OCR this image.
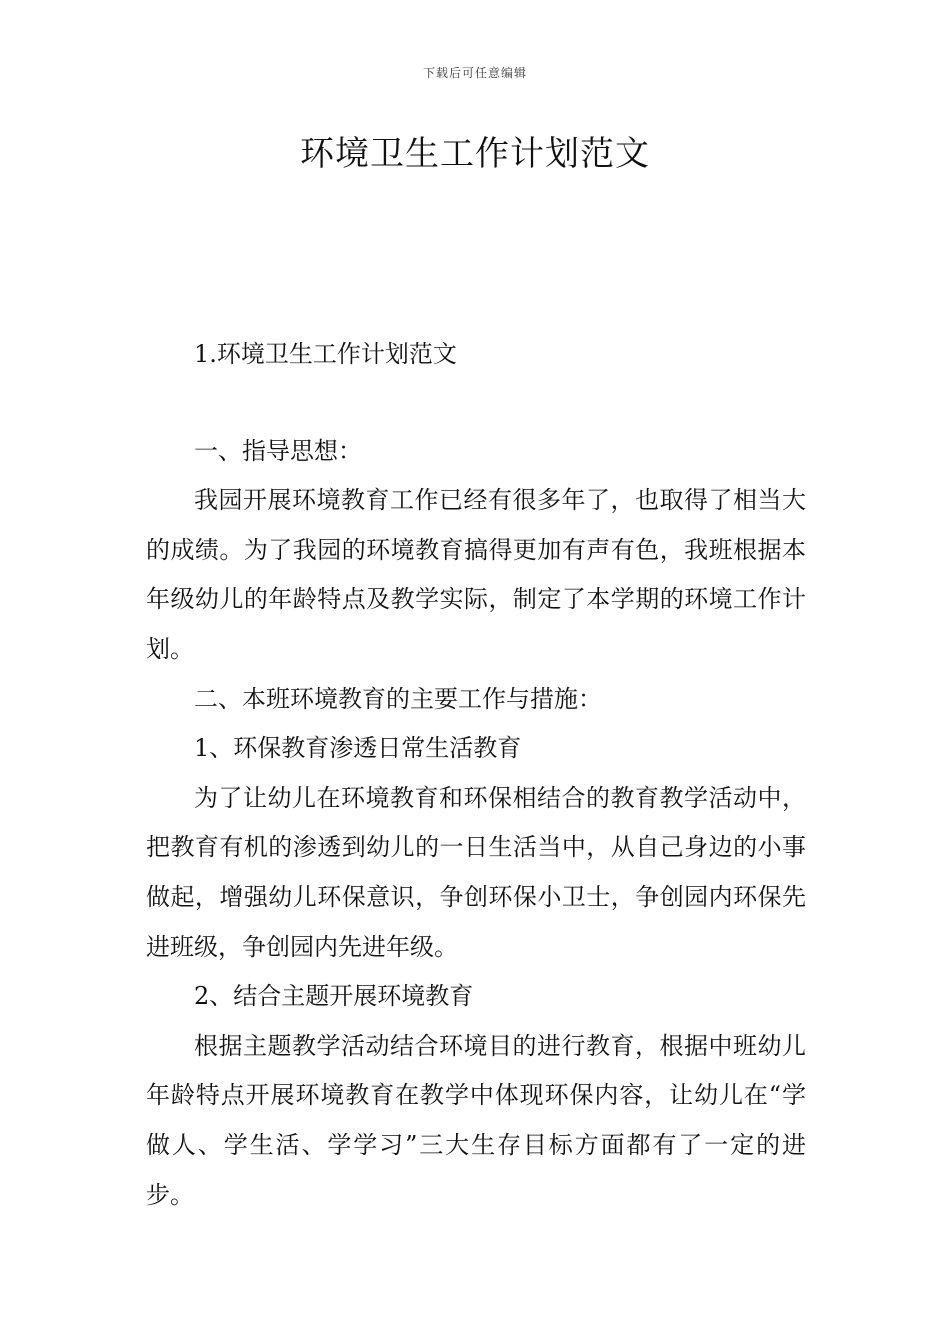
下载后可任意编辑
环境卫生工作计划范文

1.环境卫生工作计划范文

一、指导思想：

我园开展环境教育工作已经有很多年了，也取得了相当大的成绩。为了我园的环境教育搞得更加有声有色，我班根据本年级幼儿的年龄特点及教学实际，制定了本学期的环境工作计划。

二、本班环境教育的主要工作与措施：

1、环保教育渗透日常生活教育

为了让幼儿在环境教育和环保相结合的教育教学活动中，把教育有机的渗透到幼儿的一日生活当中，从自己身边的小事做起，增强幼儿环保意识，争创环保小卫士，争创园内环保先进班级，争创园内先进年级。

2、结合主题开展环境教育

根据主题教学活动结合环境目的进行教育，根据中班幼儿年龄特点开展环境教育在教学中体现环保内容，让幼儿在“学做人、学生活、学学习”三大生存目标方面都有了一定的进步。
